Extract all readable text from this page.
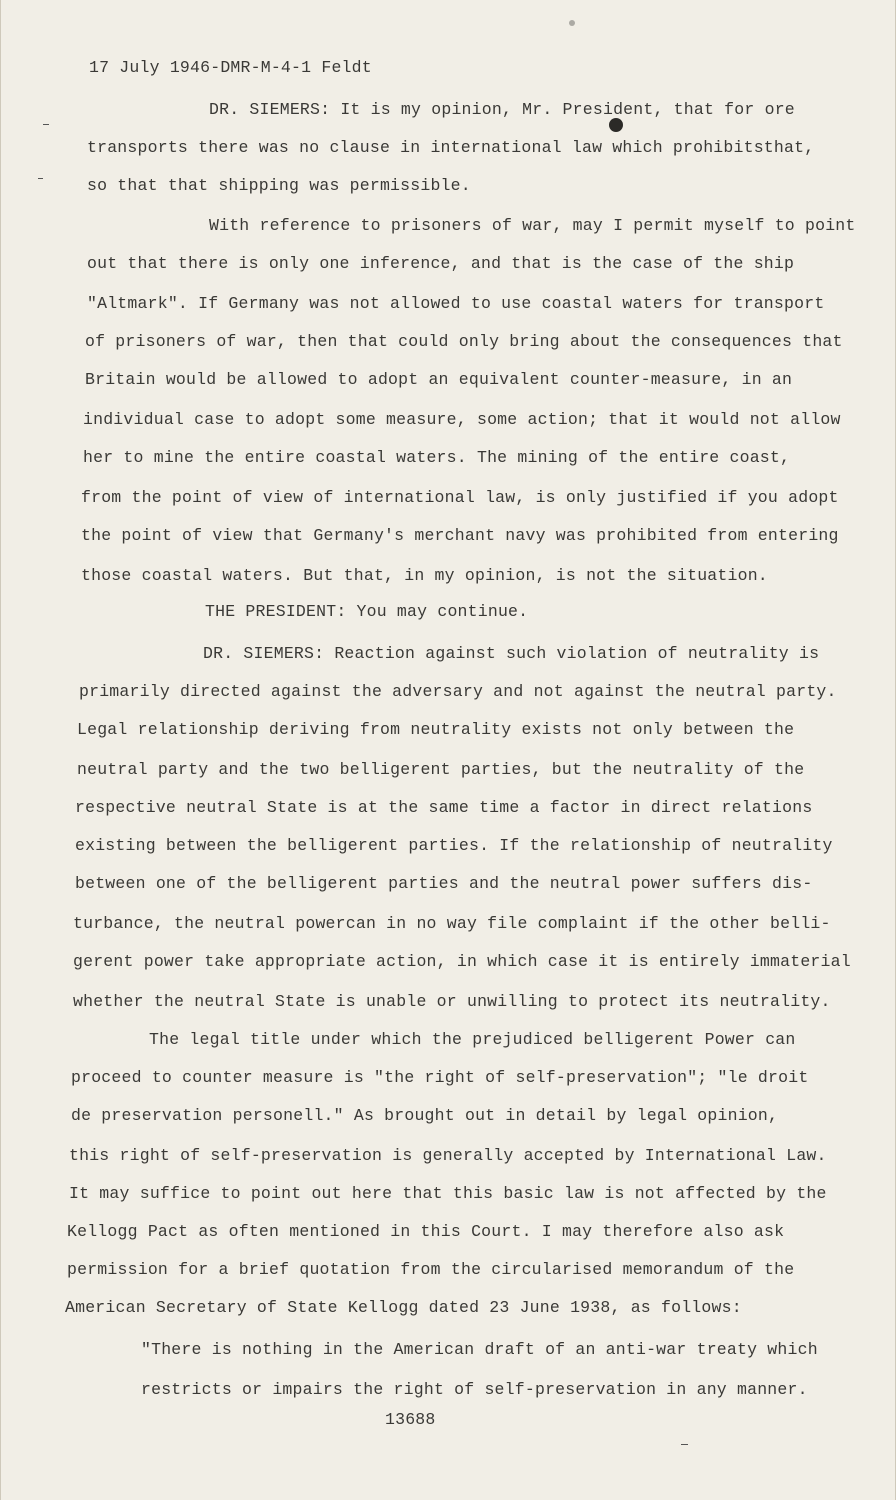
17 July 1946-DMR-M-4-1 Feldt
DR. SIEMERS: It is my opinion, Mr. President, that for ore
transports there was no clause in international law which prohibitsthat,
so that that shipping was permissible.
With reference to prisoners of war, may I permit myself to point
out that there is only one inference, and that is the case of the ship
"Altmark". If Germany was not allowed to use coastal waters for transport
of prisoners of war, then that could only bring about the consequences that
Britain would be allowed to adopt an equivalent counter-measure, in an
individual case to adopt some measure, some action; that it would not allow
her to mine the entire coastal waters. The mining of the entire coast,
from the point of view of international law, is only justified if you adopt
the point of view that Germany's merchant navy was prohibited from entering
those coastal waters. But that, in my opinion, is not the situation.
THE PRESIDENT: You may continue.
DR. SIEMERS: Reaction against such violation of neutrality is
primarily directed against the adversary and not against the neutral party.
Legal relationship deriving from neutrality exists not only between the
neutral party and the two belligerent parties, but the neutrality of the
respective neutral State is at the same time a factor in direct relations
existing between the belligerent parties. If the relationship of neutrality
between one of the belligerent parties and the neutral power suffers dis-
turbance, the neutral powercan in no way file complaint if the other belli-
gerent power take appropriate action, in which case it is entirely immaterial
whether the neutral State is unable or unwilling to protect its neutrality.
The legal title under which the prejudiced belligerent Power can
proceed to counter measure is "the right of self-preservation"; "le droit
de preservation personell." As brought out in detail by legal opinion,
this right of self-preservation is generally accepted by International Law.
It may suffice to point out here that this basic law is not affected by the
Kellogg Pact as often mentioned in this Court. I may therefore also ask
permission for a brief quotation from the circularised memorandum of the
American Secretary of State Kellogg dated 23 June 1938, as follows:
"There is nothing in the American draft of an anti-war treaty which
restricts or impairs the right of self-preservation in any manner.
13688
